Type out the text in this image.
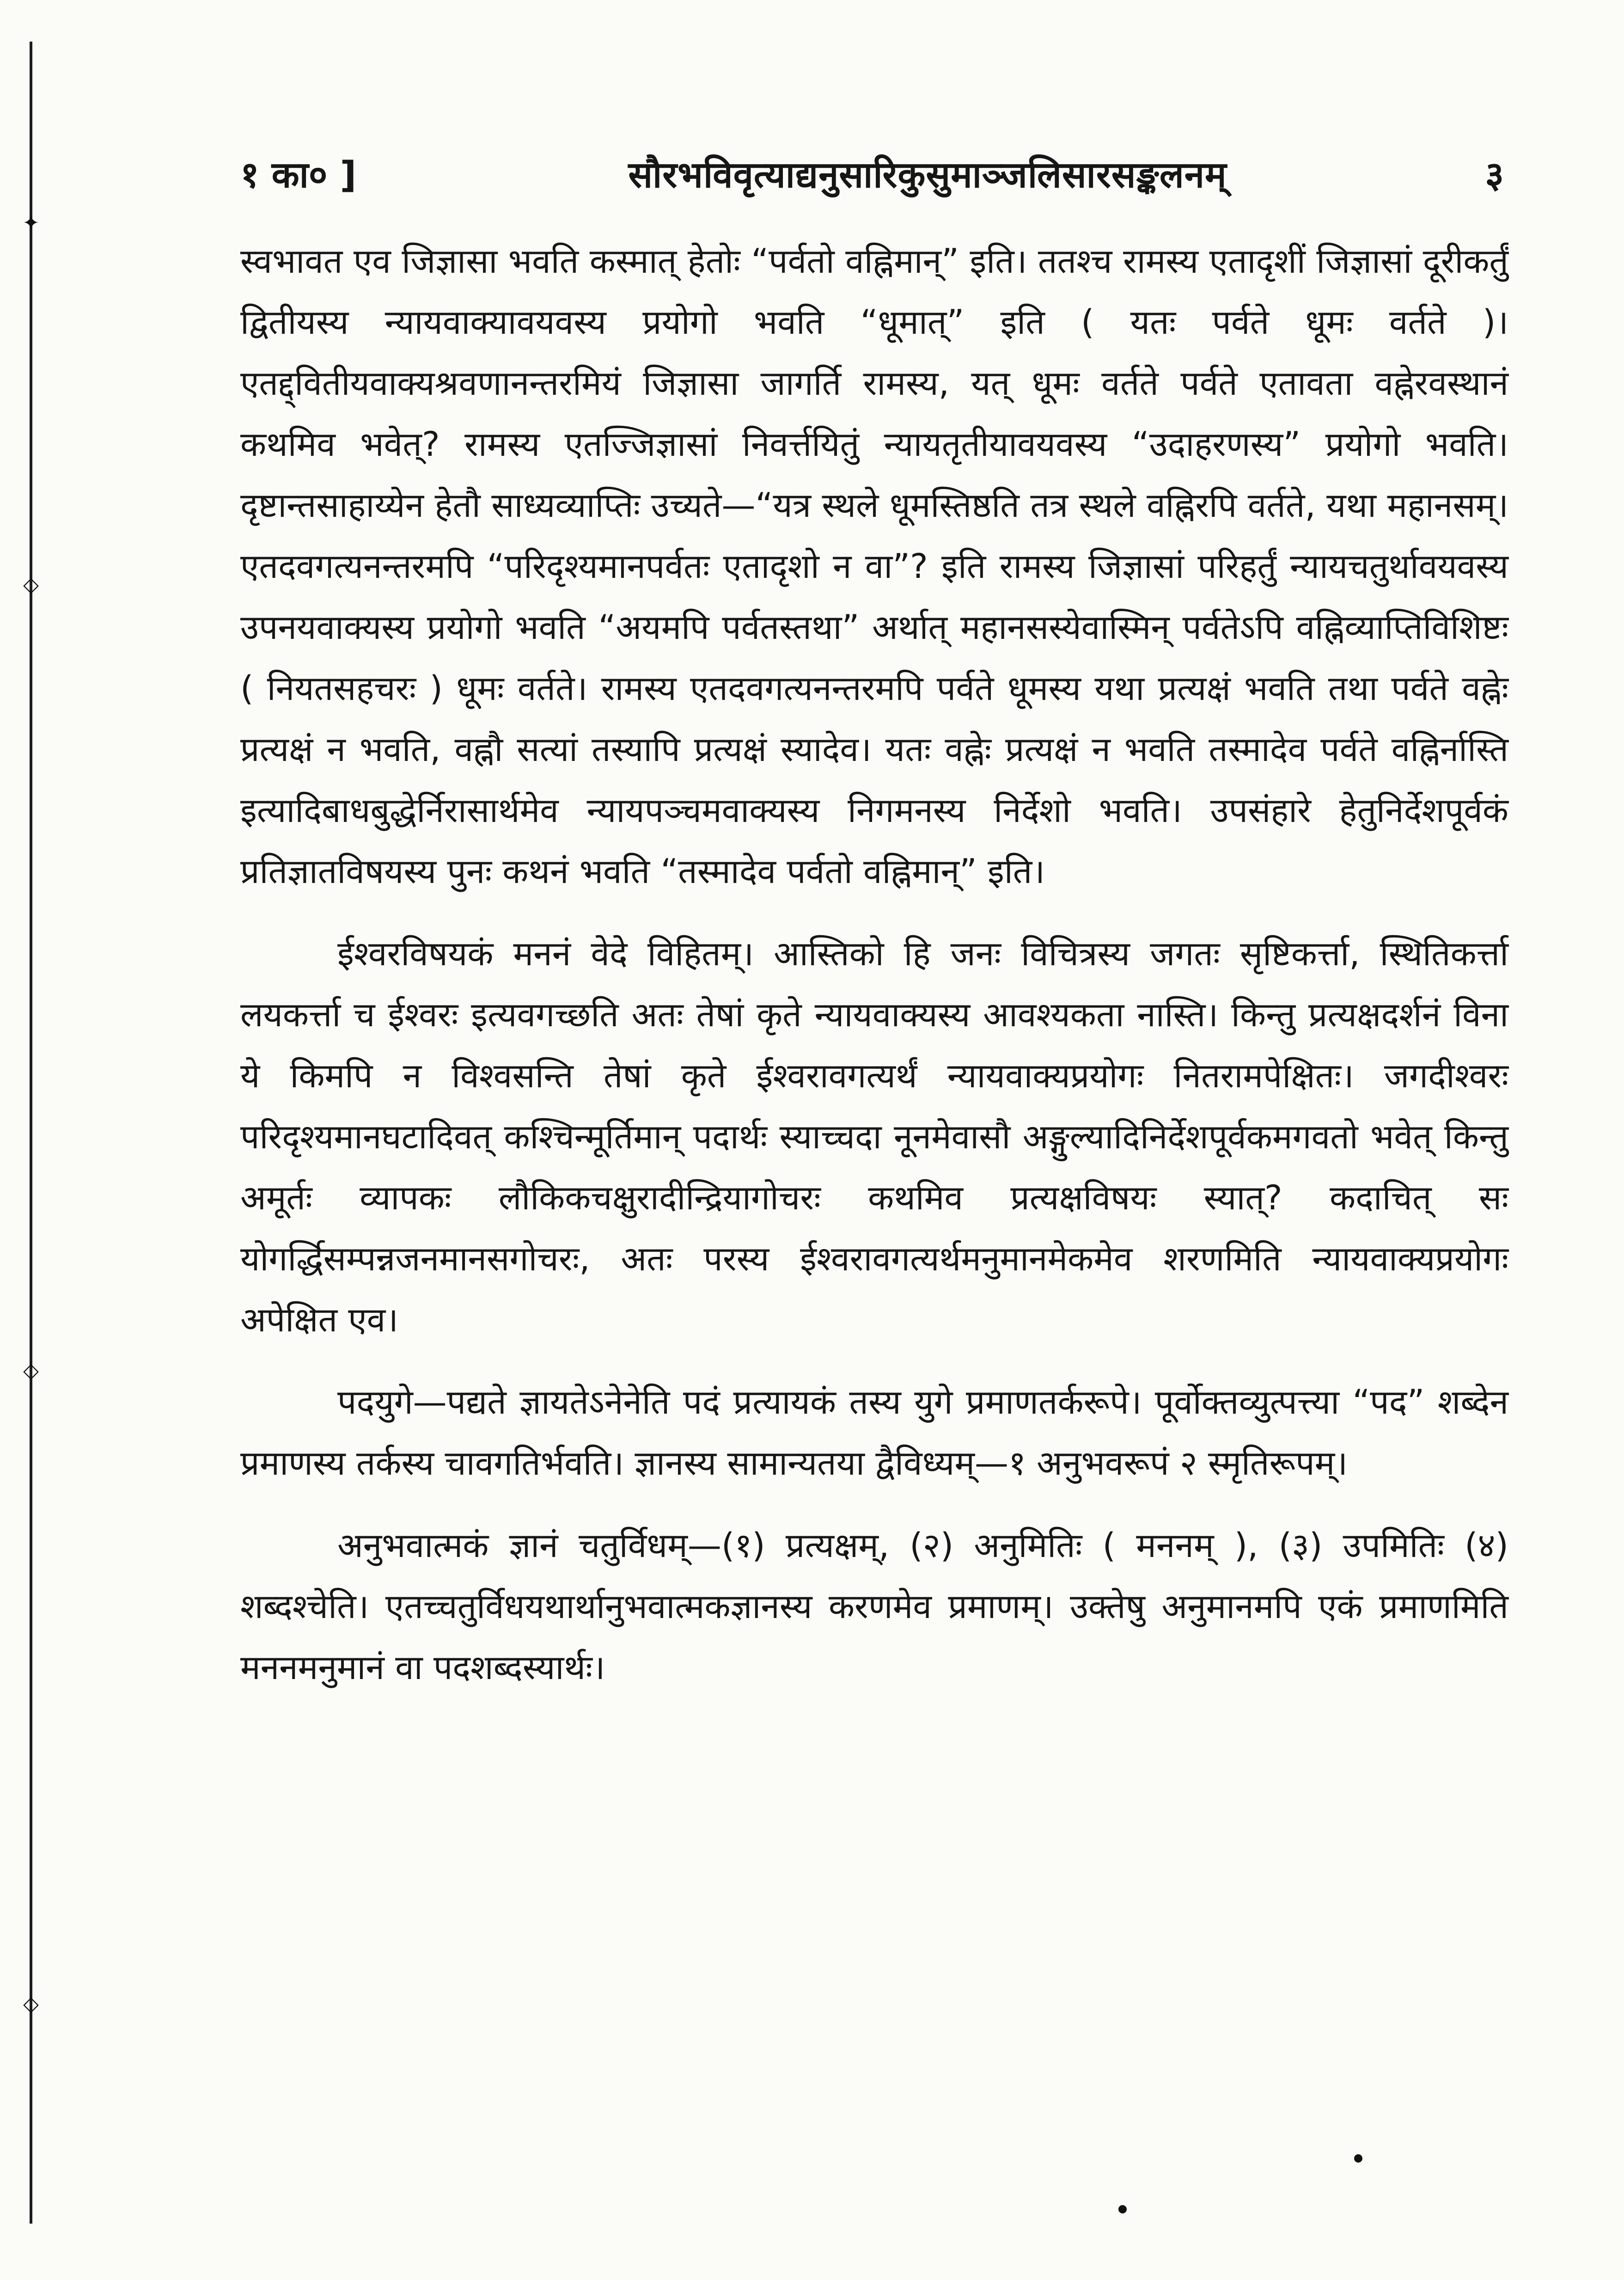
✦
◇
◇
◇
१ का० ]	सौरभविवृत्याद्यनुसारिकुसुमाञ्जलिसारसङ्कलनम्	३

स्वभावत एव जिज्ञासा भवति कस्मात् हेतोः “पर्वतो वह्निमान्” इति। ततश्च रामस्य एतादृशीं जिज्ञासां दूरीकर्तुं द्वितीयस्य न्यायवाक्यावयवस्य प्रयोगो भवति “धूमात्” इति ( यतः पर्वते धूमः वर्तते )। एतद्द्वितीयवाक्यश्रवणानन्तरमियं जिज्ञासा जागर्ति रामस्य, यत् धूमः वर्तते पर्वते एतावता वह्नेरवस्थानं कथमिव भवेत्? रामस्य एतज्जिज्ञासां निवर्त्तयितुं न्यायतृतीयावयवस्य “उदाहरणस्य” प्रयोगो भवति। दृष्टान्तसाहाय्येन हेतौ साध्यव्याप्तिः उच्यते—“यत्र स्थले धूमस्तिष्ठति तत्र स्थले वह्निरपि वर्तते, यथा महानसम्। एतदवगत्यनन्तरमपि “परिदृश्यमानपर्वतः एतादृशो न वा”? इति रामस्य जिज्ञासां परिहर्तुं न्यायचतुर्थावयवस्य उपनयवाक्यस्य प्रयोगो भवति “अयमपि पर्वतस्तथा” अर्थात् महानसस्येवास्मिन् पर्वतेऽपि वह्निव्याप्तिविशिष्टः ( नियतसहचरः ) धूमः वर्तते। रामस्य एतदवगत्यनन्तरमपि पर्वते धूमस्य यथा प्रत्यक्षं भवति तथा पर्वते वह्नेः प्रत्यक्षं न भवति, वह्नौ सत्यां तस्यापि प्रत्यक्षं स्यादेव। यतः वह्नेः प्रत्यक्षं न भवति तस्मादेव पर्वते वह्निर्नास्ति इत्यादिबाधबुद्धेर्निरासार्थमेव न्यायपञ्चमवाक्यस्य निगमनस्य निर्देशो भवति। उपसंहारे हेतुनिर्देशपूर्वकं प्रतिज्ञातविषयस्य पुनः कथनं भवति “तस्मादेव पर्वतो वह्निमान्” इति।

ईश्वरविषयकं मननं वेदे विहितम्। आस्तिको हि जनः विचित्रस्य जगतः सृष्टिकर्त्ता, स्थितिकर्त्ता लयकर्त्ता च ईश्वरः इत्यवगच्छति अतः तेषां कृते न्यायवाक्यस्य आवश्यकता नास्ति। किन्तु प्रत्यक्षदर्शनं विना ये किमपि न विश्वसन्ति तेषां कृते ईश्वरावगत्यर्थं न्यायवाक्यप्रयोगः नितरामपेक्षितः। जगदीश्वरः परिदृश्यमानघटादिवत् कश्चिन्मूर्तिमान् पदार्थः स्याच्चदा नूनमेवासौ अङ्गुल्यादिनिर्देशपूर्वकमगवतो भवेत् किन्तु अमूर्तः व्यापकः लौकिकचक्षुरादीन्द्रियागोचरः कथमिव प्रत्यक्षविषयः स्यात्? कदाचित् सः योगर्द्धिसम्पन्नजनमानसगोचरः, अतः परस्य ईश्वरावगत्यर्थमनुमानमेकमेव शरणमिति न्यायवाक्यप्रयोगः अपेक्षित एव।

पदयुगे—पद्यते ज्ञायतेऽनेनेति पदं प्रत्यायकं तस्य युगे प्रमाणतर्करूपे। पूर्वोक्तव्युत्पत्त्या “पद” शब्देन प्रमाणस्य तर्कस्य चावगतिर्भवति। ज्ञानस्य सामान्यतया द्वैविध्यम्—१ अनुभवरूपं २ स्मृतिरूपम्।

अनुभवात्मकं ज्ञानं चतुर्विधम्—(१) प्रत्यक्षम्, (२) अनुमितिः ( मननम् ), (३) उपमितिः (४) शब्दश्चेति। एतच्चतुर्विधयथार्थानुभवात्मकज्ञानस्य करणमेव प्रमाणम्। उक्तेषु अनुमानमपि एकं प्रमाणमिति मननमनुमानं वा पदशब्दस्यार्थः।
